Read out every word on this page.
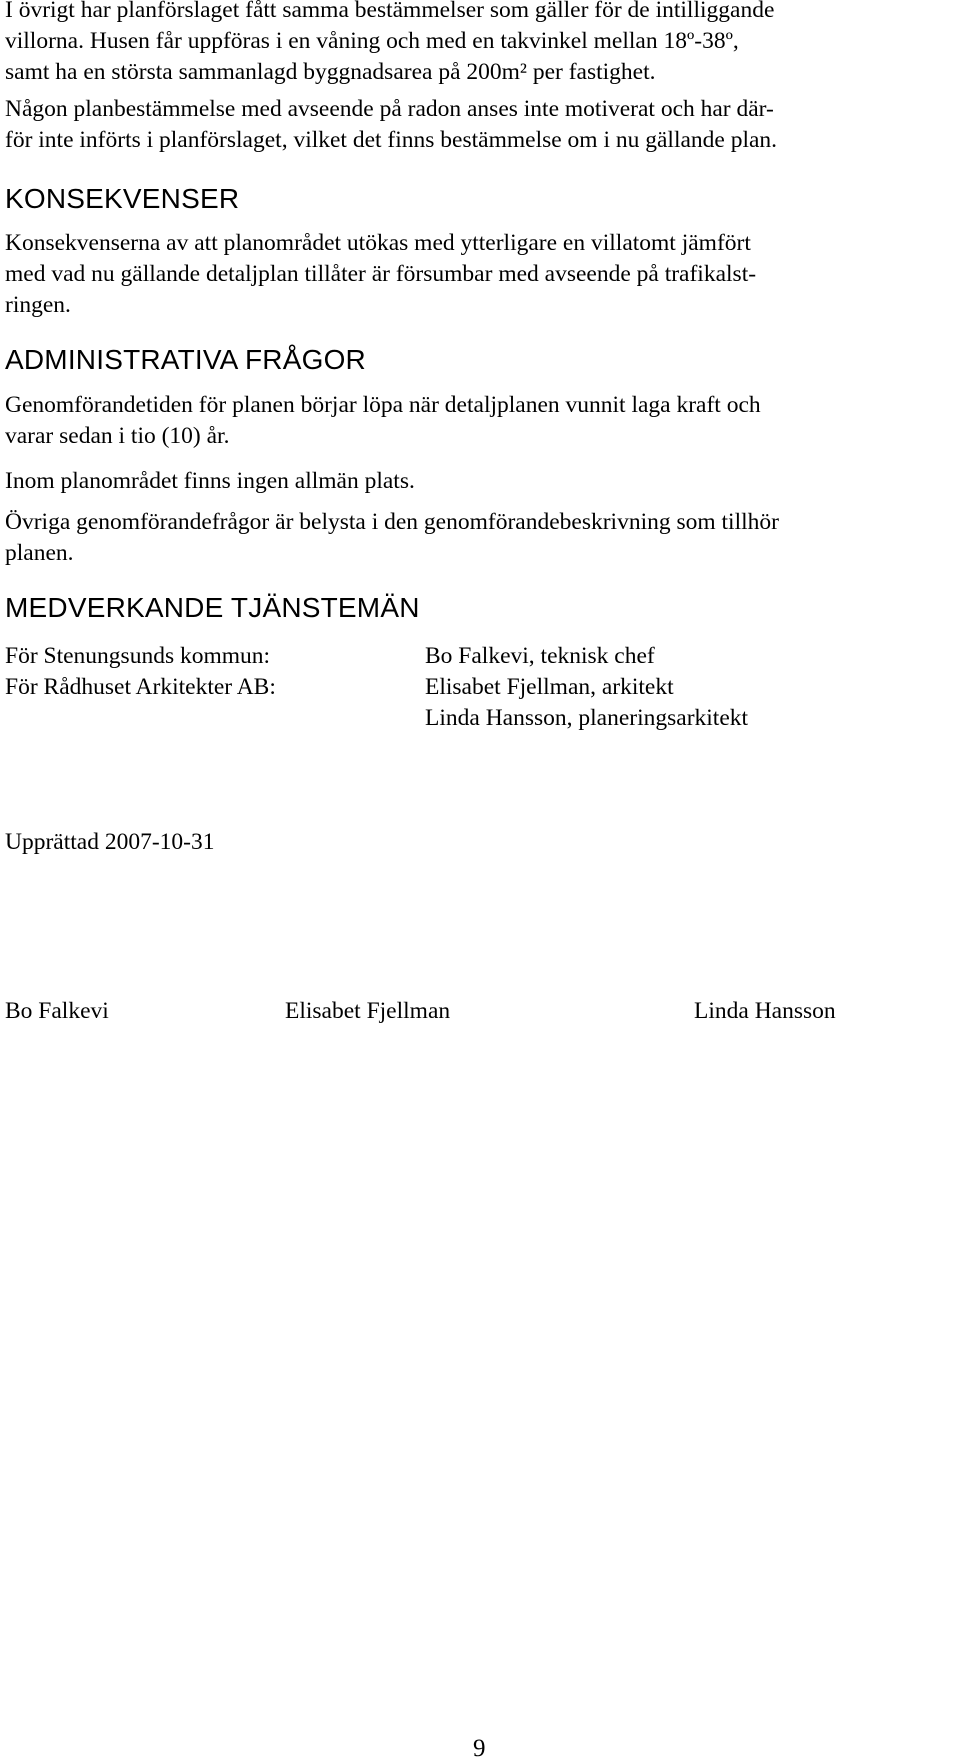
I övrigt har planförslaget fått samma bestämmelser som gäller för de intilliggande
villorna. Husen får uppföras i en våning och med en takvinkel mellan 18º-38º,
samt ha en största sammanlagd byggnadsarea på 200m² per fastighet.

Någon planbestämmelse med avseende på radon anses inte motiverat och har där-
för inte införts i planförslaget, vilket det finns bestämmelse om i nu gällande plan.

KONSEKVENSER

Konsekvenserna av att planområdet utökas med ytterligare en villatomt jämfört
med vad nu gällande detaljplan tillåter är försumbar med avseende på trafikalst-
ringen.

ADMINISTRATIVA FRÅGOR

Genomförandetiden för planen börjar löpa när detaljplanen vunnit laga kraft och
varar sedan i tio (10) år.

Inom planområdet finns ingen allmän plats.

Övriga genomförandefrågor är belysta i den genomförandebeskrivning som tillhör
planen.

MEDVERKANDE TJÄNSTEMÄN

För Stenungsunds kommun:

För Rådhuset Arkitekter AB:

Bo Falkevi, teknisk chef

Elisabet Fjellman, arkitekt

Linda Hansson, planeringsarkitekt

Upprättad 2007-10-31

Bo Falkevi	Elisabet Fjellman	Linda Hansson

9
